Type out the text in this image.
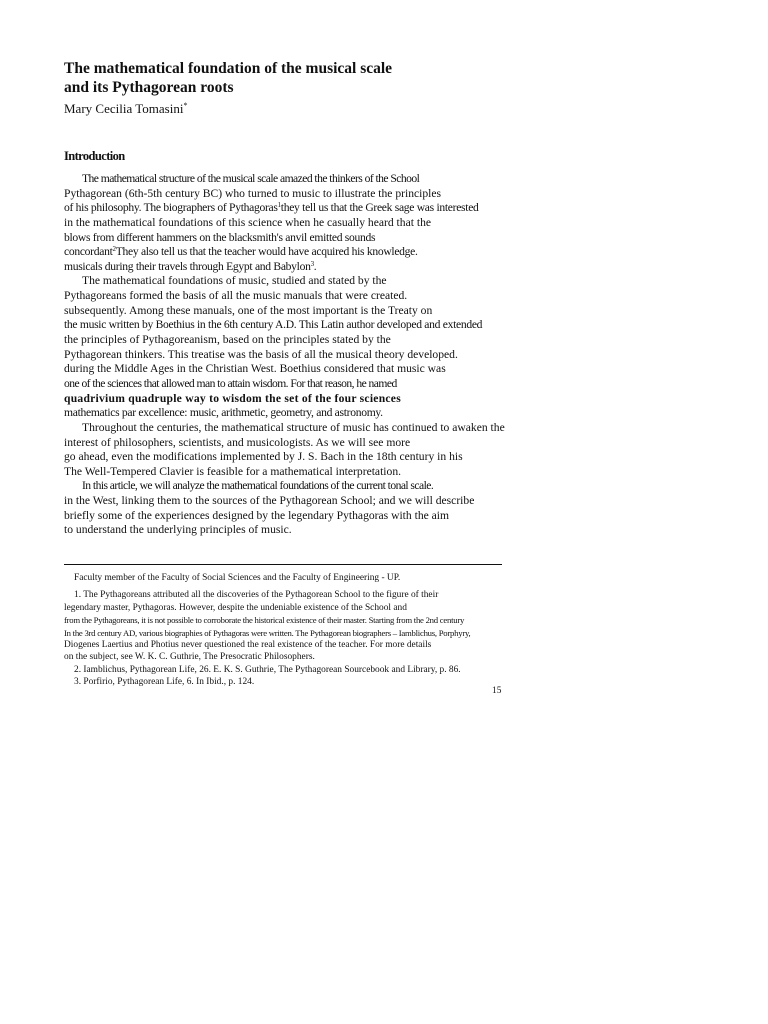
The mathematical foundation of the musical scale
and its Pythagorean roots
Mary Cecilia Tomasini*
Introduction
The mathematical structure of the musical scale amazed the thinkers of the School
Pythagorean (6th-5th century BC) who turned to music to illustrate the principles
of his philosophy. The biographers of Pythagoras$^1$they tell us that the Greek sage was interested
in the mathematical foundations of this science when he casually heard that the
blows from different hammers on the blacksmith's anvil emitted sounds
concordant$^2$They also tell us that the teacher would have acquired his knowledge.
musicals during their travels through Egypt and Babylon$^3$.
The mathematical foundations of music, studied and stated by the
Pythagoreans formed the basis of all the music manuals that were created.
subsequently. Among these manuals, one of the most important is the Treaty on
the music written by Boethius in the 6th century A.D. This Latin author developed and extended
the principles of Pythagoreanism, based on the principles stated by the
Pythagorean thinkers. This treatise was the basis of all the musical theory developed.
during the Middle Ages in the Christian West. Boethius considered that music was
one of the sciences that allowed man to attain wisdom. For that reason, he named
quadrivium quadruple way to wisdom the set of the four sciences
mathematics par excellence: music, arithmetic, geometry, and astronomy.
Throughout the centuries, the mathematical structure of music has continued to awaken the
interest of philosophers, scientists, and musicologists. As we will see more
go ahead, even the modifications implemented by J. S. Bach in the 18th century in his
The Well-Tempered Clavier is feasible for a mathematical interpretation.
In this article, we will analyze the mathematical foundations of the current tonal scale.
in the West, linking them to the sources of the Pythagorean School; and we will describe
briefly some of the experiences designed by the legendary Pythagoras with the aim
to understand the underlying principles of music.
Faculty member of the Faculty of Social Sciences and the Faculty of Engineering - UP.
1. The Pythagoreans attributed all the discoveries of the Pythagorean School to the figure of their
legendary master, Pythagoras. However, despite the undeniable existence of the School and
from the Pythagoreans, it is not possible to corroborate the historical existence of their master. Starting from the 2nd century
In the 3rd century AD, various biographies of Pythagoras were written. The Pythagorean biographers – Iamblichus, Porphyry,
Diogenes Laertius and Photius never questioned the real existence of the teacher. For more details
on the subject, see W. K. C. Guthrie, The Presocratic Philosophers.
2. Iamblichus, Pythagorean Life, 26. E. K. S. Guthrie, The Pythagorean Sourcebook and Library, p. 86.
3. Porfirio, Pythagorean Life, 6. In Ibid., p. 124.
15
